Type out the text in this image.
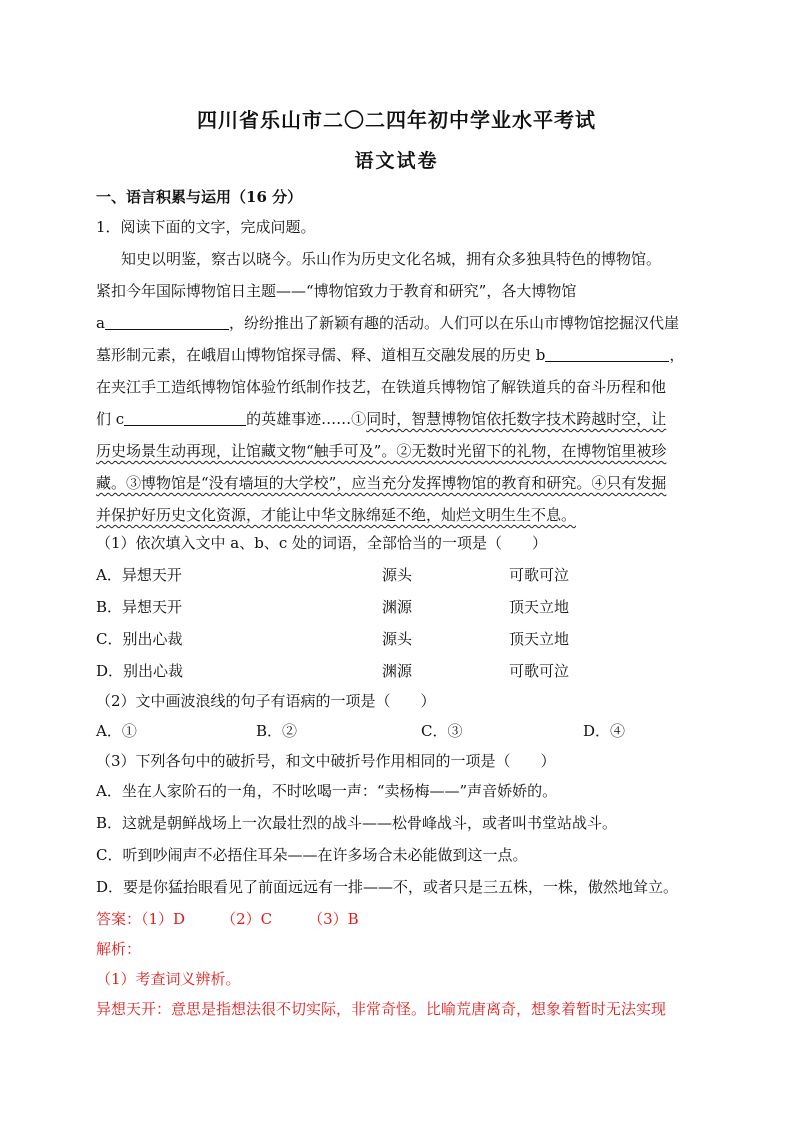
四川省乐山市二〇二四年初中学业水平考试
语文试卷
一、语言积累与运用（16 分）
1．阅读下面的文字，完成问题。
知史以明鉴，察古以晓今。乐山作为历史文化名城，拥有众多独具特色的博物馆。
紧扣今年国际博物馆日主题——“博物馆致力于教育和研究”，各大博物馆
a	，纷纷推出了新颖有趣的活动。人们可以在乐山市博物馆挖掘汉代崖
墓形制元素，在峨眉山博物馆探寻儒、释、道相互交融发展的历史 b	，
在夹江手工造纸博物馆体验竹纸制作技艺，在铁道兵博物馆了解铁道兵的奋斗历程和他
们 c	的英雄事迹……①同时，智慧博物馆依托数字技术跨越时空，让
历史场景生动再现，让馆藏文物“触手可及”。②无数时光留下的礼物，在博物馆里被珍
藏。③博物馆是“没有墙垣的大学校”，应当充分发挥博物馆的教育和研究。④只有发掘
并保护好历史文化资源，才能让中华文脉绵延不绝，灿烂文明生生不息。
（1）依次填入文中 a、b、c 处的词语，全部恰当的一项是（　　）
A．异想天开	源头	可歌可泣
B．异想天开	渊源	顶天立地
C．别出心裁	源头	顶天立地
D．别出心裁	渊源	可歌可泣
（2）文中画波浪线的句子有语病的一项是（　　）
A．①	B．②	C．③	D．④
（3）下列各句中的破折号，和文中破折号作用相同的一项是（　　）
A．坐在人家阶石的一角，不时吆喝一声：“卖杨梅——”声音娇娇的。
B．这就是朝鲜战场上一次最壮烈的战斗——松骨峰战斗，或者叫书堂站战斗。
C．听到吵闹声不必捂住耳朵——在许多场合未必能做到这一点。
D．要是你猛抬眼看见了前面远远有一排——不，或者只是三五株，一株，傲然地耸立。
答案：（1）D （2）C （3）B
解析：
（1）考查词义辨析。
异想天开：意思是指想法很不切实际，非常奇怪。比喻荒唐离奇，想象着暂时无法实现
